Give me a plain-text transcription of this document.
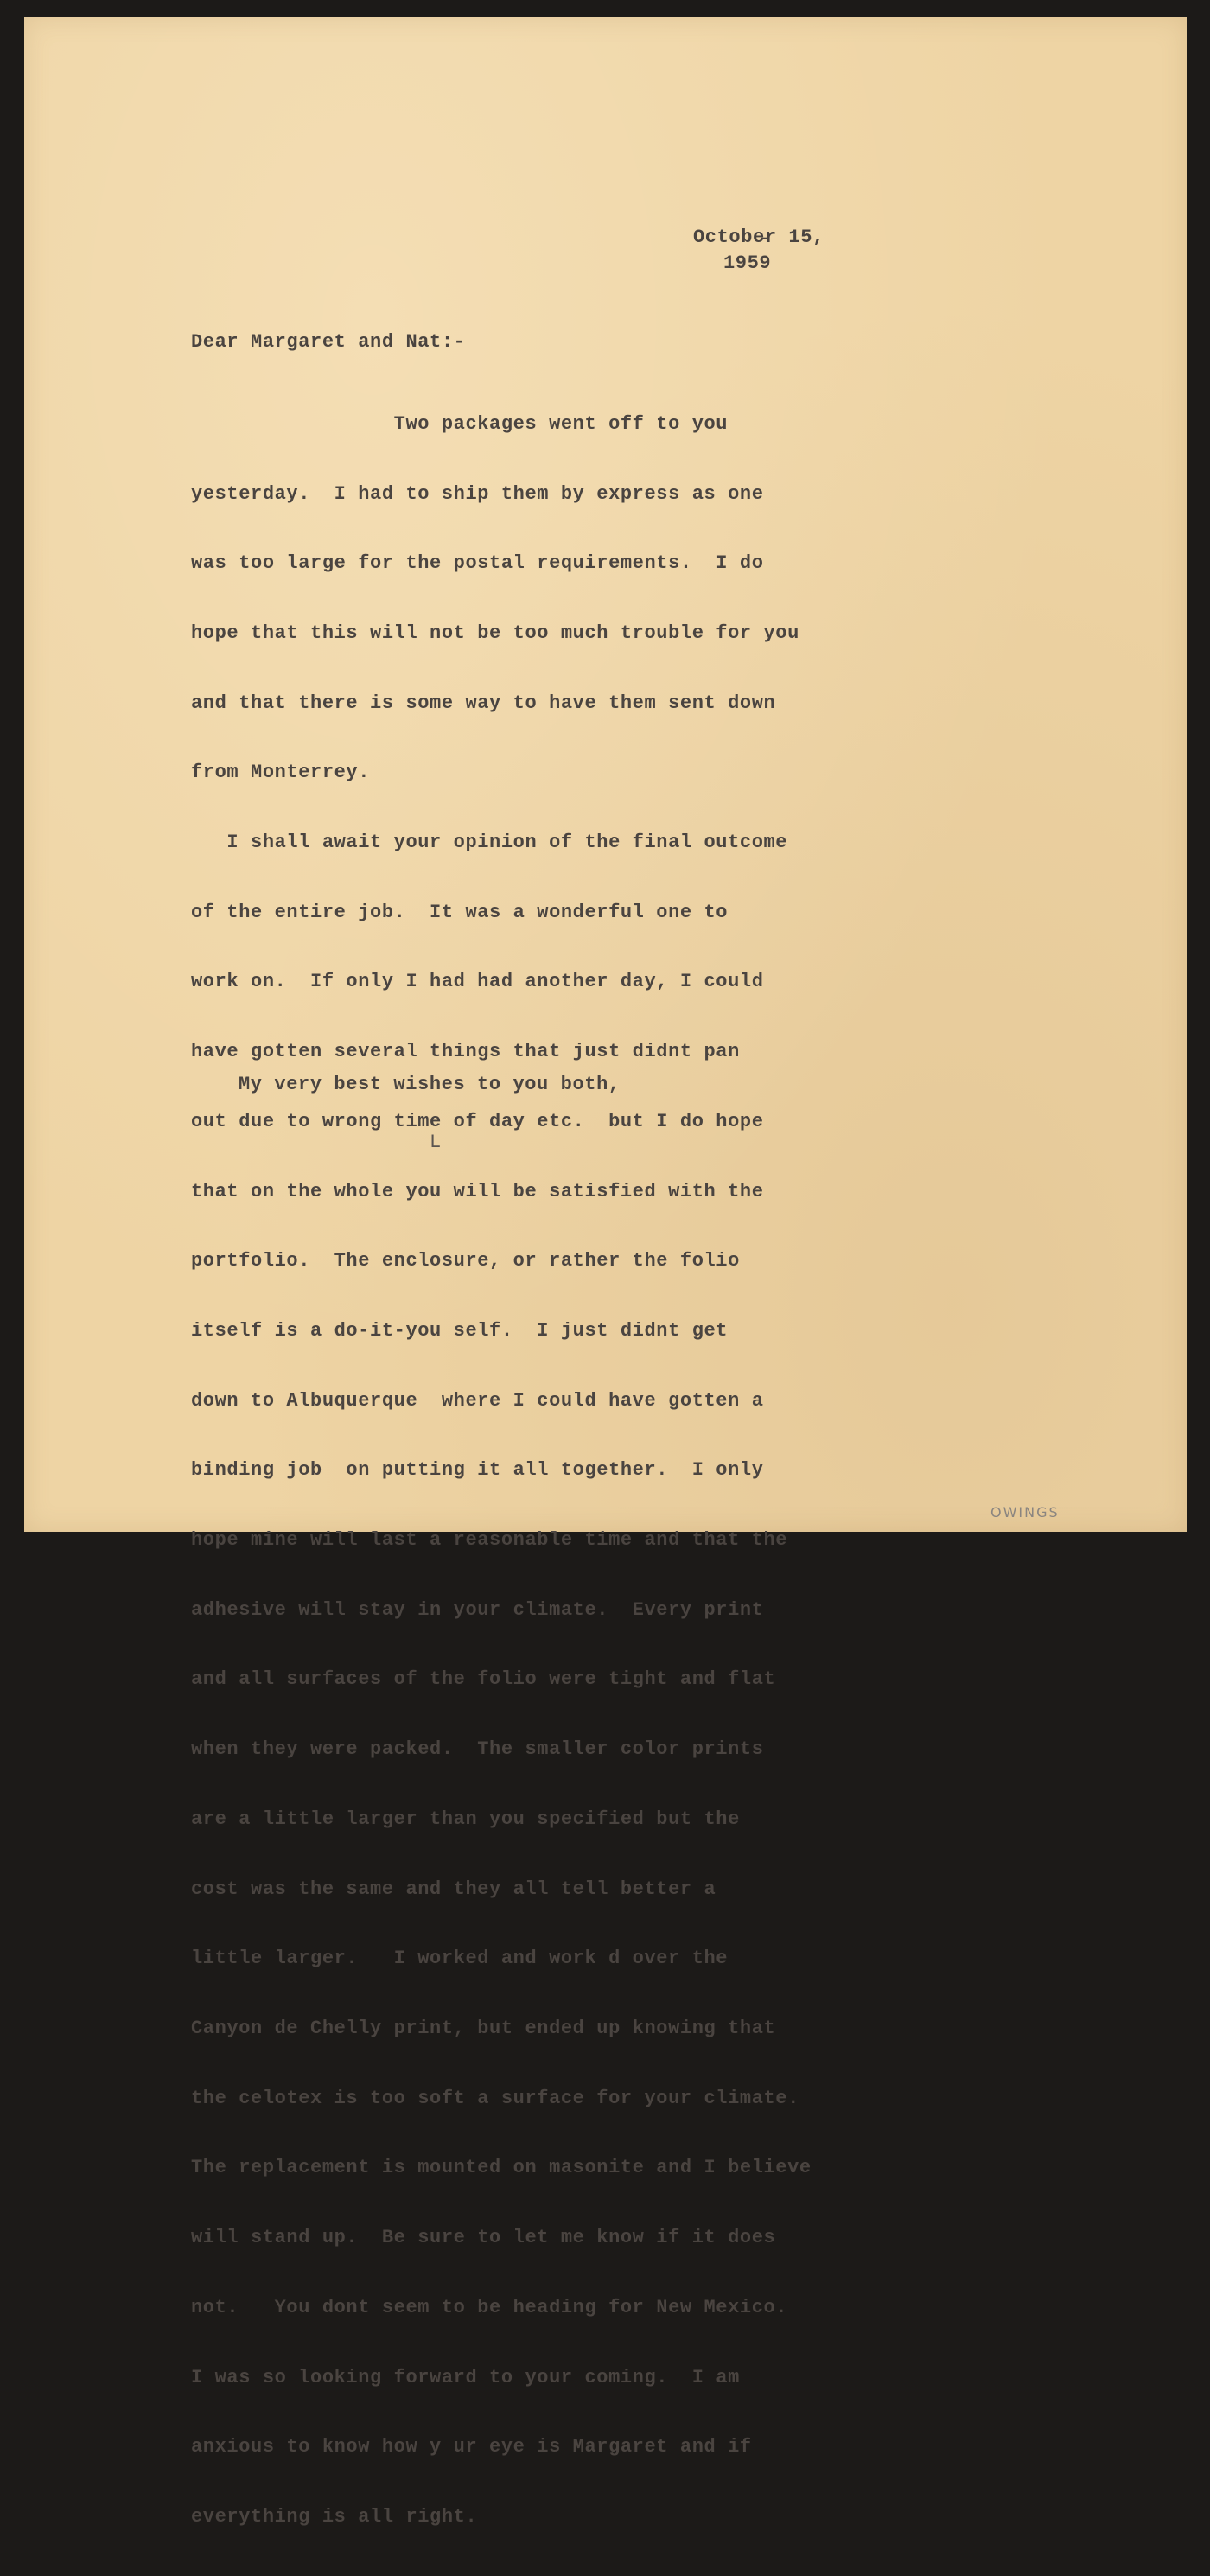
Octobe̵r 15,
1959
Dear Margaret and Nat:-

Two packages went off to you

yesterday.  I had to ship them by express as one

was too large for the postal requirements.  I do

hope that this will not be too much trouble for you

and that there is some way to have them sent down

from Monterrey.

I shall await your opinion of the final outcome

of the entire job.  It was a wonderful one to

work on.  If only I had had another day, I could

have gotten several things that just didnt pan

out due to wrong time of day etc.  but I do hope

that on the whole you will be satisfied with the

portfolio.  The enclosure, or rather the folio

itself is a do-it-you self.  I just didnt get

down to Albuquerque  where I could have gotten a

binding job  on putting it all together.  I only

hope mine will last a reasonable time and that the

adhesive will stay in your climate.  Every print

and all surfaces of the folio were tight and flat

when they were packed.  The smaller color prints

are a little larger than you specified but the

cost was the same and they all tell better a

little larger.   I worked and work d over the

Canyon de Chelly print, but ended up knowing that

the celotex is too soft a surface for your climate.

The replacement is mounted on masonite and I believe

will stand up.  Be sure to let me know if it does

not.   You dont seem to be heading for New Mexico.

I was so looking forward to your coming.  I am

anxious to know how y ur eye is Margaret and if

everything is all right.

My very best wishes to you both,
L
OWINGS
